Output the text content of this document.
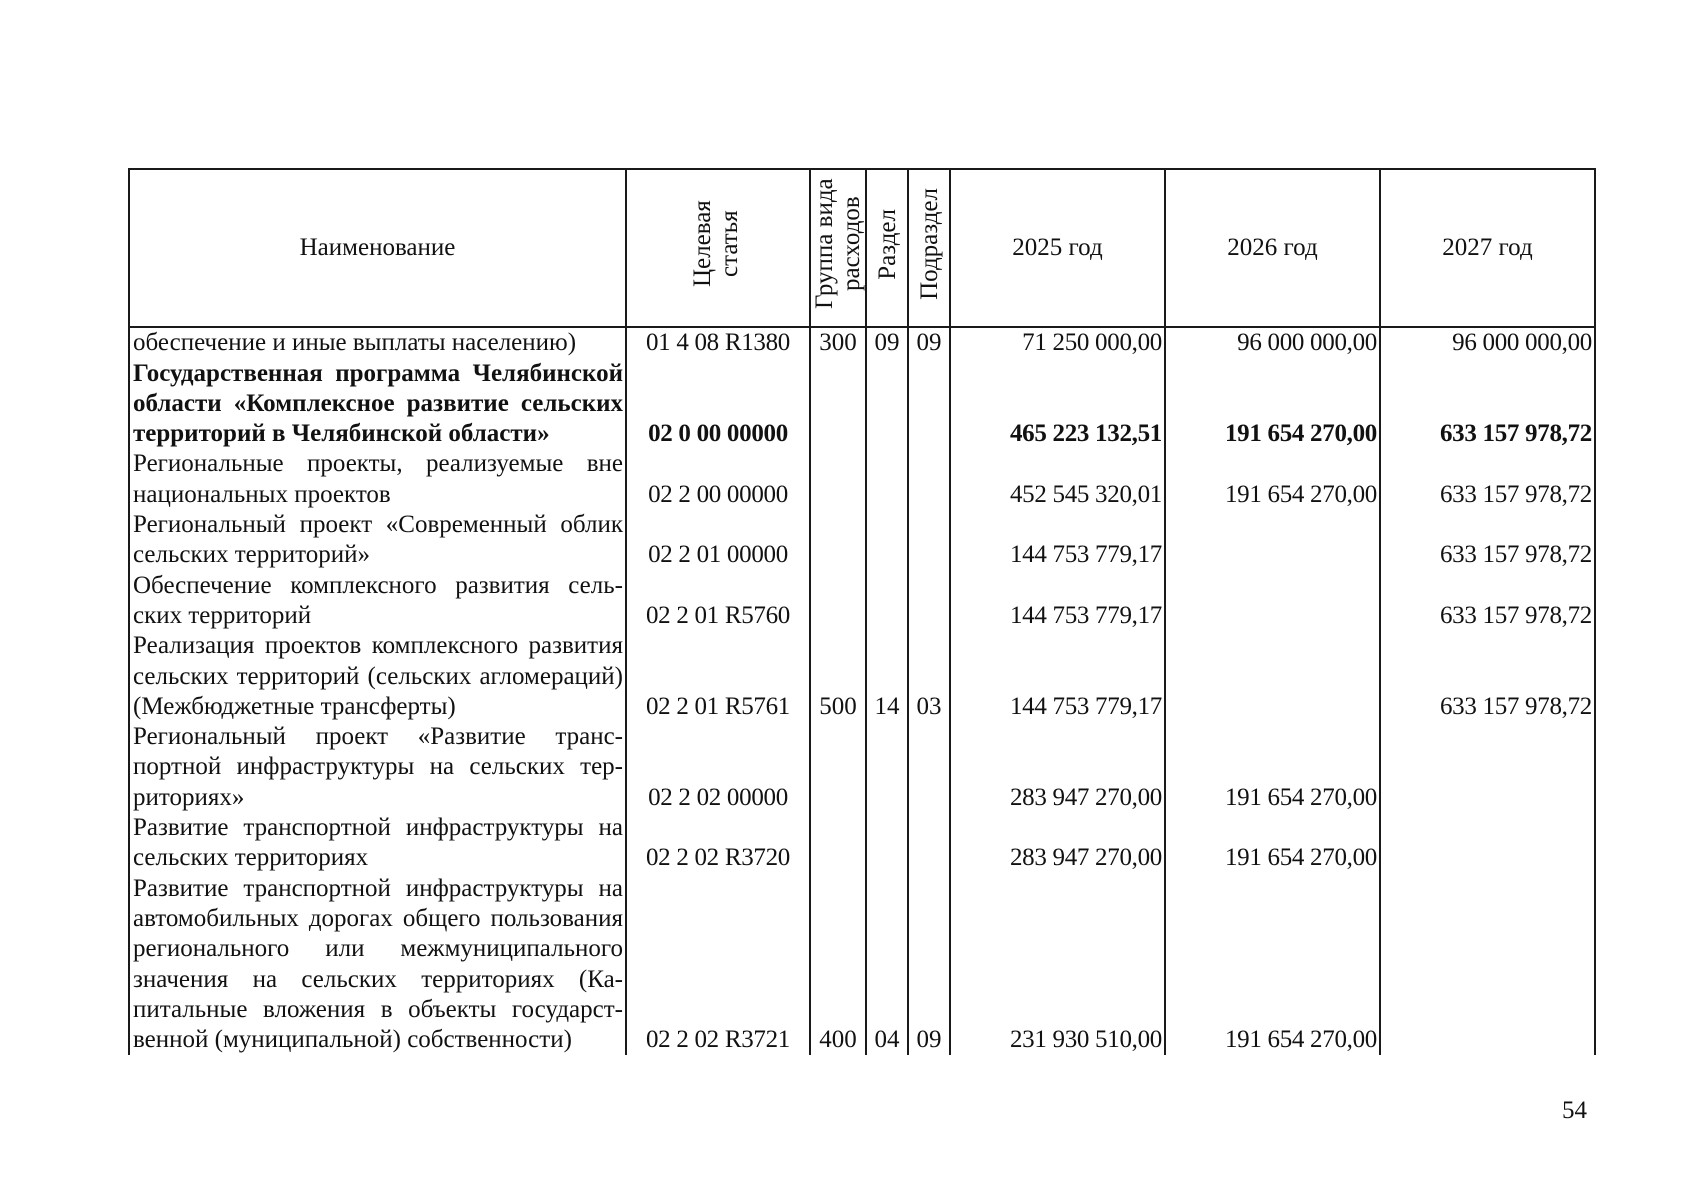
Наименование	Целевая статья	Группа вида расходов	Раздел	Подраздел	2025 год	2026 год	2027 год
обеспечение и иные выплаты населению)	01 4 08 R1380	300	09	09	71 250 000,00	96 000 000,00	96 000 000,00
Государственная программа Челябинской области «Комплексное развитие сельских территорий в Челябинской области»	02 0 00 00000				465 223 132,51	191 654 270,00	633 157 978,72
Региональные проекты, реализуемые вне национальных проектов	02 2 00 00000				452 545 320,01	191 654 270,00	633 157 978,72
Региональный проект «Современный облик сельских территорий»	02 2 01 00000				144 753 779,17		633 157 978,72
Обеспечение комплексного развития сельских территорий	02 2 01 R5760				144 753 779,17		633 157 978,72
Реализация проектов комплексного развития сельских территорий (сельских агломераций) (Межбюджетные трансферты)	02 2 01 R5761	500	14	03	144 753 779,17		633 157 978,72
Региональный проект «Развитие транспортной инфраструктуры на сельских территориях»	02 2 02 00000				283 947 270,00	191 654 270,00	
Развитие транспортной инфраструктуры на сельских территориях	02 2 02 R3720				283 947 270,00	191 654 270,00	
Развитие транспортной инфраструктуры на автомобильных дорогах общего пользования регионального или межмуниципального значения на сельских территориях (Капитальные вложения в объекты государственной (муниципальной) собственности)	02 2 02 R3721	400	04	09	231 930 510,00	191 654 270,00	
54
